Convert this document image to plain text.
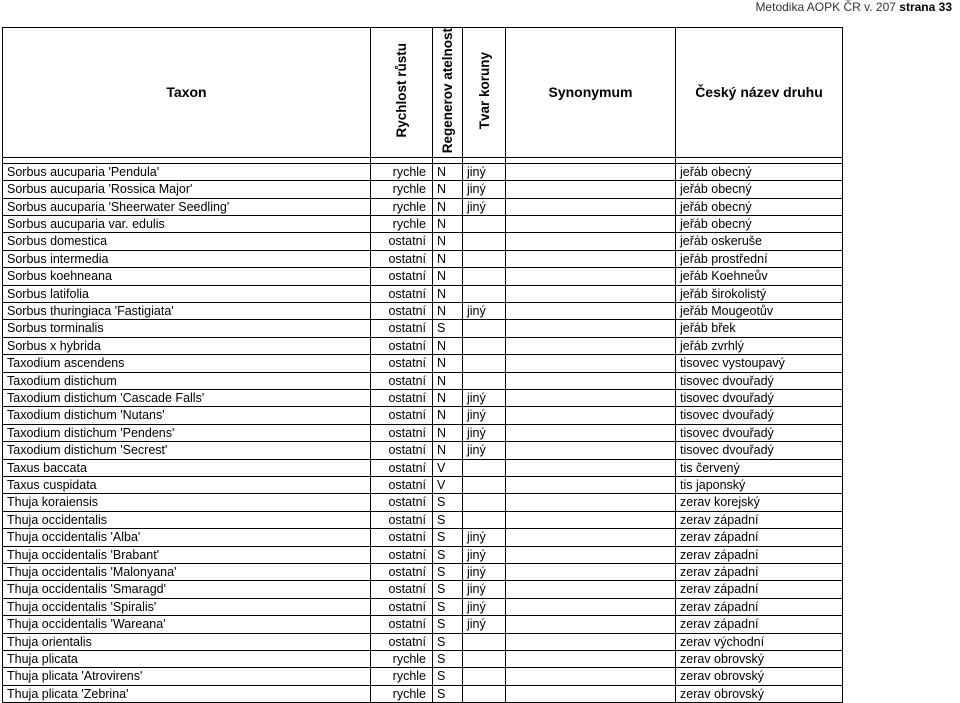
Metodika AOPK ČR v. 207 strana 33
Taxon	Rychlost růstu	Regenerov atelnost	Tvar koruny	Synonymum	Český název druhu

Sorbus aucuparia 'Pendula'	rychle	N	jiný		jeřáb obecný
Sorbus aucuparia 'Rossica Major'	rychle	N	jiný		jeřáb obecný
Sorbus aucuparia 'Sheerwater Seedling'	rychle	N	jiný		jeřáb obecný
Sorbus aucuparia var. edulis	rychle	N			jeřáb obecný
Sorbus domestica	ostatní	N			jeřáb oskeruše
Sorbus intermedia	ostatní	N			jeřáb prostřední
Sorbus koehneana	ostatní	N			jeřáb Koehneův
Sorbus latifolia	ostatní	N			jeřáb širokolistý
Sorbus thuringiaca 'Fastigiata'	ostatní	N	jiný		jeřáb Mougeotův
Sorbus torminalis	ostatní	S			jeřáb břek
Sorbus x hybrida	ostatní	N			jeřáb zvrhlý
Taxodium ascendens	ostatní	N			tisovec vystoupavý
Taxodium distichum	ostatní	N			tisovec dvouřadý
Taxodium distichum 'Cascade Falls'	ostatní	N	jiný		tisovec dvouřadý
Taxodium distichum 'Nutans'	ostatní	N	jiný		tisovec dvouřadý
Taxodium distichum 'Pendens'	ostatní	N	jiný		tisovec dvouřadý
Taxodium distichum 'Secrest'	ostatní	N	jiný		tisovec dvouřadý
Taxus baccata	ostatní	V			tis červený
Taxus cuspidata	ostatní	V			tis japonský
Thuja koraiensis	ostatní	S			zerav korejský
Thuja occidentalis	ostatní	S			zerav západní
Thuja occidentalis 'Alba'	ostatní	S	jiný		zerav západní
Thuja occidentalis 'Brabant'	ostatní	S	jiný		zerav západní
Thuja occidentalis 'Malonyana'	ostatní	S	jiný		zerav západní
Thuja occidentalis 'Smaragd'	ostatní	S	jiný		zerav západní
Thuja occidentalis 'Spiralis'	ostatní	S	jiný		zerav západní
Thuja occidentalis 'Wareana'	ostatní	S	jiný		zerav západní
Thuja orientalis	ostatní	S			zerav východní
Thuja plicata	rychle	S			zerav obrovský
Thuja plicata 'Atrovirens'	rychle	S			zerav obrovský
Thuja plicata 'Zebrina'	rychle	S			zerav obrovský
